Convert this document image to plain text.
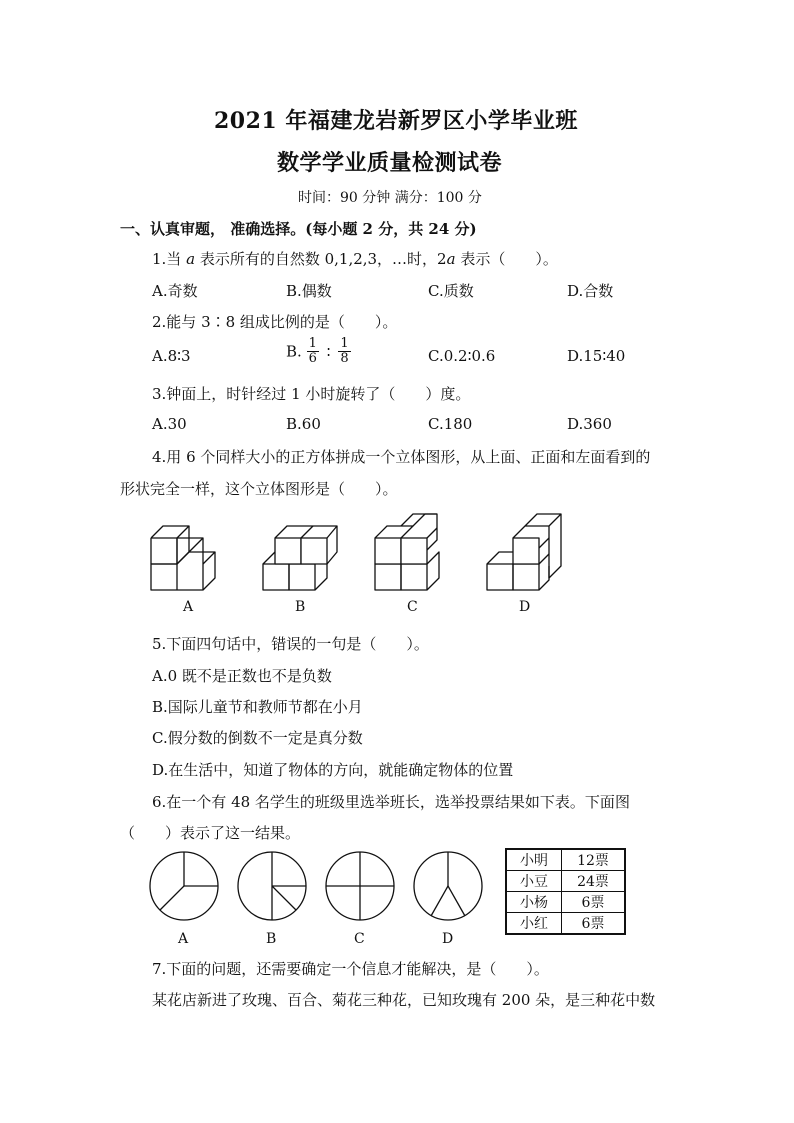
2021 年福建龙岩新罗区小学毕业班
数学学业质量检测试卷
时间：90 分钟 满分：100 分
一、认真审题， 准确选择。(每小题 2 分，共 24 分)
1.当 a 表示所有的自然数 0,1,2,3，…时，2a 表示（　　）。
A.奇数	B.偶数	C.质数	D.合数
2.能与 3∶8 组成比例的是（　　）。
A.8∶3	B. $\frac{1}{6}$ ∶ $\frac{1}{8}$	C.0.2∶0.6	D.15∶40
3.钟面上，时针经过 1 小时旋转了（　　）度。
A.30	B.60	C.180	D.360
4.用 6 个同样大小的正方体拼成一个立体图形，从上面、正面和左面看到的
形状完全一样，这个立体图形是（　　）。
A	B	C	D
5.下面四句话中，错误的一句是（　　）。
A.0 既不是正数也不是负数
B.国际儿童节和教师节都在小月
C.假分数的倒数不一定是真分数
D.在生活中，知道了物体的方向，就能确定物体的位置
6.在一个有 48 名学生的班级里选举班长，选举投票结果如下表。下面图
（　　）表示了这一结果。
A	B	C	D
小明	12票
小豆	24票
小杨	6票
小红	6票
7.下面的问题，还需要确定一个信息才能解决，是（　　）。
某花店新进了玫瑰、百合、菊花三种花，已知玫瑰有 200 朵，是三种花中数
